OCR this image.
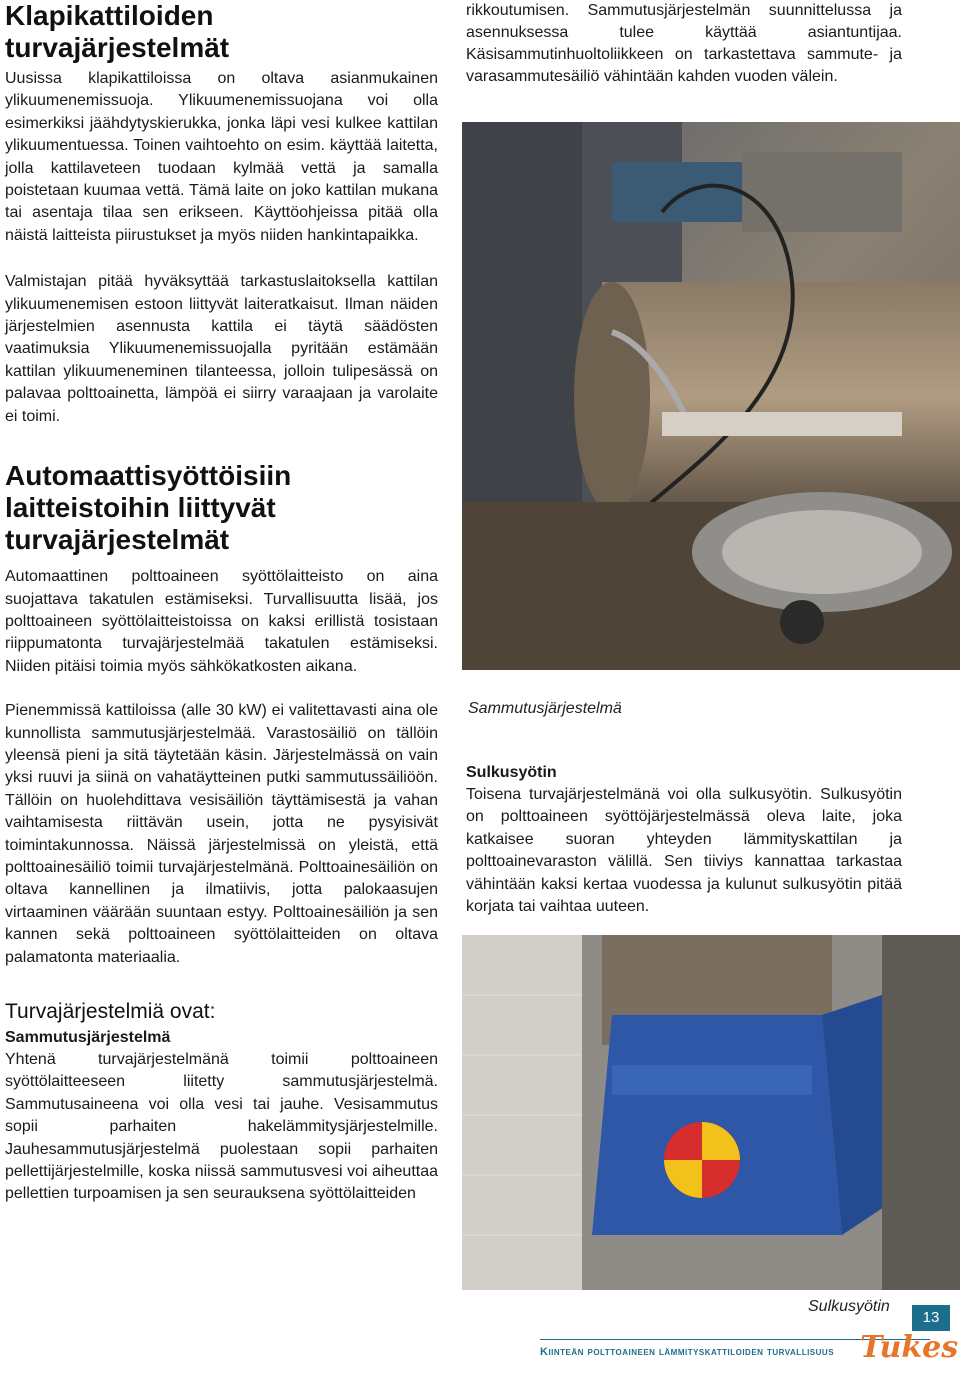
Klapikattiloiden turvajärjestelmät

Uusissa klapikattiloissa on oltava asianmukainen ylikuumenemissuoja. Ylikuumenemissuojana voi olla esimerkiksi jäähdytyskierukka, jonka läpi vesi kulkee kattilan ylikuumentuessa. Toinen vaihtoehto on esim. käyttää laitetta, jolla kattilaveteen tuodaan kylmää vettä ja samalla poistetaan kuumaa vettä. Tämä laite on joko kattilan mukana tai asentaja tilaa sen erikseen. Käyttöohjeissa pitää olla näistä laitteista piirustukset ja myös niiden hankintapaikka.

Valmistajan pitää hyväksyttää tarkastuslaitoksella kattilan ylikuumenemisen estoon liittyvät laiteratkaisut. Ilman näiden järjestelmien asennusta kattila ei täytä säädösten vaatimuksia Ylikuumenemissuojalla pyritään estämään kattilan ylikuumeneminen tilanteessa, jolloin tulipesässä on palavaa polttoainetta, lämpöä ei siirry varaajaan ja varolaite ei toimi.

Automaattisyöttöisiin laitteistoihin liittyvät turvajärjestelmät

Automaattinen polttoaineen syöttölaitteisto on aina suojattava takatulen estämiseksi. Turvallisuutta lisää, jos polttoaineen syöttölaitteistoissa on kaksi erillistä tosistaan riippumatonta turvajärjestelmää takatulen estämiseksi. Niiden pitäisi toimia myös sähkökatkosten aikana.

Pienemmissä kattiloissa (alle 30 kW) ei valitettavasti aina ole kunnollista sammutusjärjestelmää. Varastosäiliö on tällöin yleensä pieni ja sitä täytetään käsin. Järjestelmässä on vain yksi ruuvi ja siinä on vahatäytteinen putki sammutussäiliöön. Tällöin on huolehdittava vesisäiliön täyttämisestä ja vahan vaihtamisesta riittävän usein, jotta ne pysyisivät toimintakunnossa. Näissä järjestelmissä on yleistä, että polttoainesäiliö toimii turvajärjestelmänä. Polttoainesäiliön on oltava kannellinen ja ilmatiivis, jotta palokaasujen virtaaminen väärään suuntaan estyy. Polttoainesäiliön ja sen kannen sekä polttoaineen syöttölaitteiden on oltava palamatonta materiaalia.

Turvajärjestelmiä ovat:
Sammutusjärjestelmä

Yhtenä turvajärjestelmänä toimii polttoaineen syöttölaitteeseen liitetty sammutusjärjestelmä. Sammutusaineena voi olla vesi tai jauhe. Vesisammutus sopii parhaiten hakelämmitysjärjestelmille. Jauhesammutusjärjestelmä puolestaan sopii parhaiten pellettijärjestelmille, koska niissä sammutusvesi voi aiheuttaa pellettien turpoamisen ja sen seurauksena syöttölaitteiden

rikkoutumisen. Sammutusjärjestelmän suunnittelussa ja asennuksessa tulee käyttää asiantuntijaa. Käsisammutinhuoltoliikkeen on tarkastettava sammute- ja varasammutesäiliö vähintään kahden vuoden välein.

Sammutusjärjestelmä
Sulkusyötin

Toisena turvajärjestelmänä voi olla sulkusyötin. Sulkusyötin on polttoaineen syöttöjärjestelmässä oleva laite, joka katkaisee suoran yhteyden lämmityskattilan ja polttoainevaraston välillä. Sen tiiviys kannattaa tarkastaa vähintään kaksi kertaa vuodessa ja kulunut sulkusyötin pitää korjata tai vaihtaa uuteen.

Sulkusyötin
13
Kiinteän polttoaineen lämmityskattiloiden turvallisuus Tukes
